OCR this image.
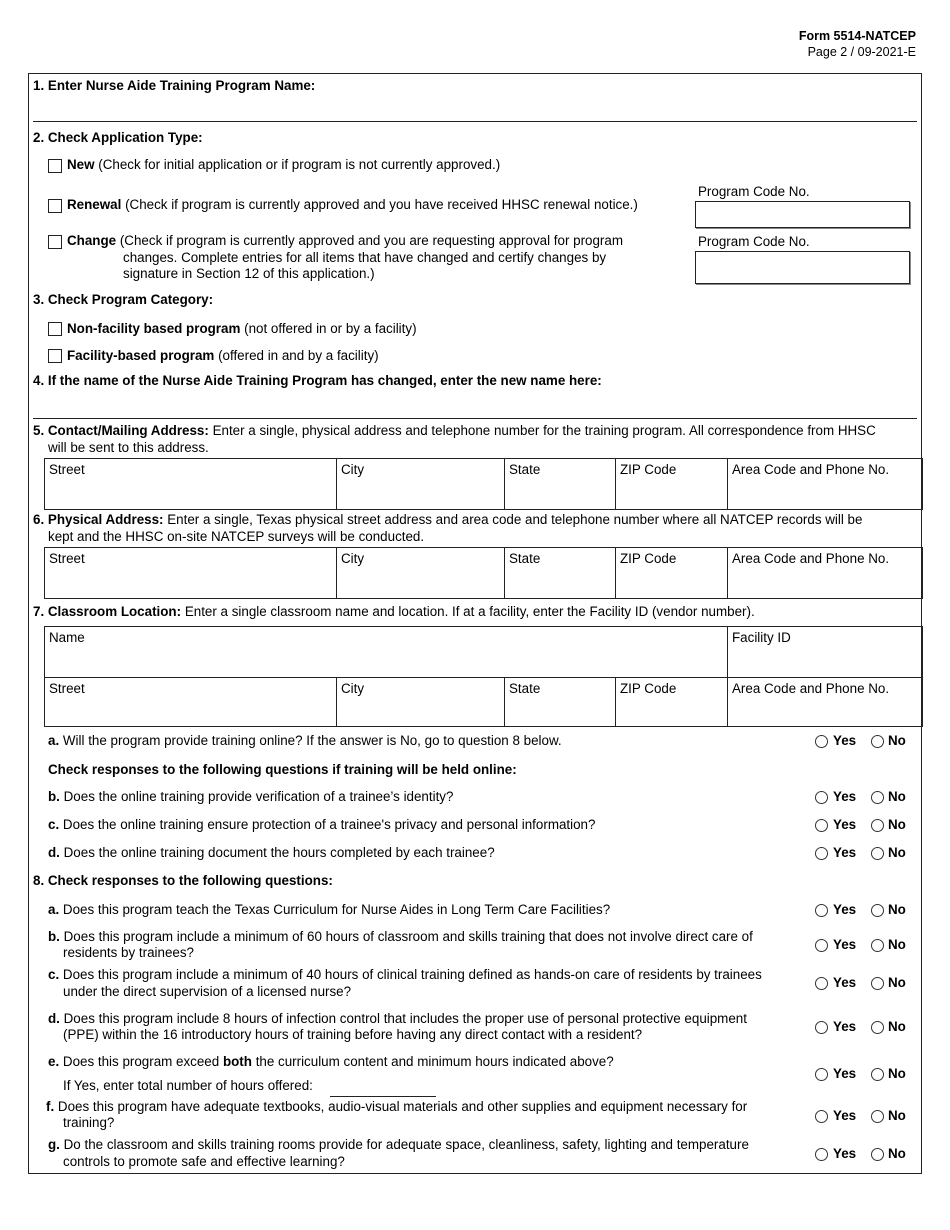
Form 5514-NATCEP
Page 2 / 09-2021-E
1. Enter Nurse Aide Training Program Name:
2. Check Application Type:
New (Check for initial application or if program is not currently approved.)
Renewal (Check if program is currently approved and you have received HHSC renewal notice.)
Change (Check if program is currently approved and you are requesting approval for program
changes. Complete entries for all items that have changed and certify changes by
signature in Section 12 of this application.)
Program Code No.
Program Code No.
3. Check Program Category:
Non-facility based program (not offered in or by a facility)
Facility-based program (offered in and by a facility)
4. If the name of the Nurse Aide Training Program has changed, enter the new name here:
5. Contact/Mailing Address: Enter a single, physical address and telephone number for the training program. All correspondence from HHSC
will be sent to this address.
Street	City	State	ZIP Code	Area Code and Phone No.
6. Physical Address: Enter a single, Texas physical street address and area code and telephone number where all NATCEP records will be
kept and the HHSC on-site NATCEP surveys will be conducted.
Street	City	State	ZIP Code	Area Code and Phone No.
7. Classroom Location: Enter a single classroom name and location. If at a facility, enter the Facility ID (vendor number).
Name	Facility ID
Street	City	State	ZIP Code	Area Code and Phone No.
a. Will the program provide training online? If the answer is No, go to question 8 below.	Yes No
Check responses to the following questions if training will be held online:
b. Does the online training provide verification of a trainee’s identity?	Yes No
c. Does the online training ensure protection of a trainee's privacy and personal information?	Yes No
d. Does the online training document the hours completed by each trainee?	Yes No
8. Check responses to the following questions:
a. Does this program teach the Texas Curriculum for Nurse Aides in Long Term Care Facilities?	Yes No
b. Does this program include a minimum of 60 hours of classroom and skills training that does not involve direct care of
residents by trainees?
Yes No
c. Does this program include a minimum of 40 hours of clinical training defined as hands-on care of residents by trainees
under the direct supervision of a licensed nurse?
Yes No
d. Does this program include 8 hours of infection control that includes the proper use of personal protective equipment
(PPE) within the 16 introductory hours of training before having any direct contact with a resident?
Yes No
e. Does this program exceed both the curriculum content and minimum hours indicated above?
If Yes, enter total number of hours offered:
Yes No
f. Does this program have adequate textbooks, audio-visual materials and other supplies and equipment necessary for
training?	Yes No
g. Do the classroom and skills training rooms provide for adequate space, cleanliness, safety, lighting and temperature
controls to promote safe and effective learning?
Yes No
